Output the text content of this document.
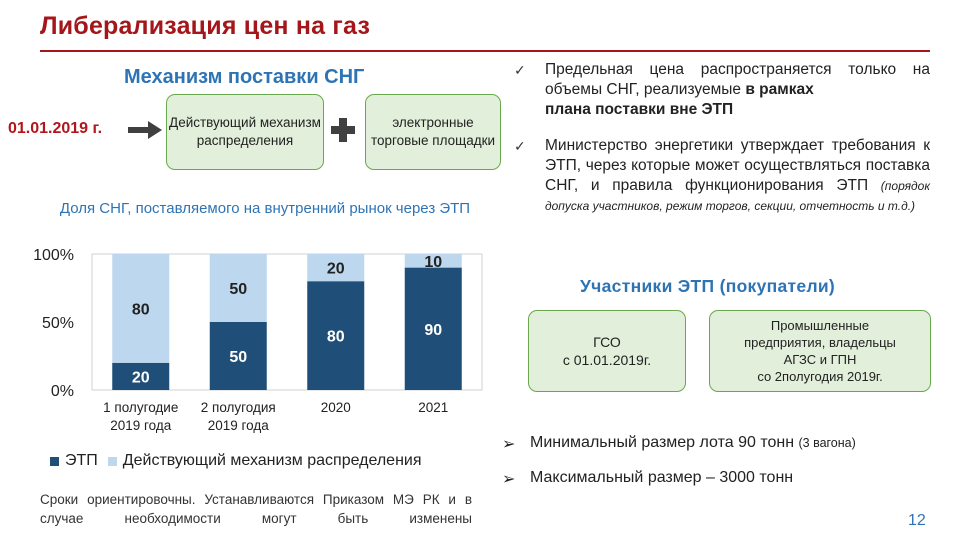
Либерализация цен на газ
Механизм поставки СНГ
01.01.2019 г.	Действующий механизм распределения
электронные торговые площадки
Доля СНГ, поставляемого на внутренний рынок через ЭТП
0%
50%
100%
20
80
1 полугодие
2019 года
50
50
2 полугодия
2019 года
80
20
2020
90
10
2021
ЭТП Действующий механизм распределения
Сроки ориентировочны. Устанавливаются Приказом МЭ РК и в случае необходимости могут быть изменены
✓ Предельная цена распространяется только на объемы СНГ, реализуемые в рамках
плана поставки вне ЭТП
✓ Министерство энергетики утверждает требования к ЭТП, через которые может осуществляться поставка СНГ, и правила функционирования ЭТП (порядок допуска участников, режим торгов, секции, отчетность и т.д.)
Участники ЭТП (покупатели)
ГСО
с 01.01.2019г.
Промышленные
предприятия, владельцы
АГЗС и ГПН
со 2полугодия 2019г.
➢ Минимальный размер лота 90 тонн (3 вагона)
➢ Максимальный размер – 3000 тонн
12
